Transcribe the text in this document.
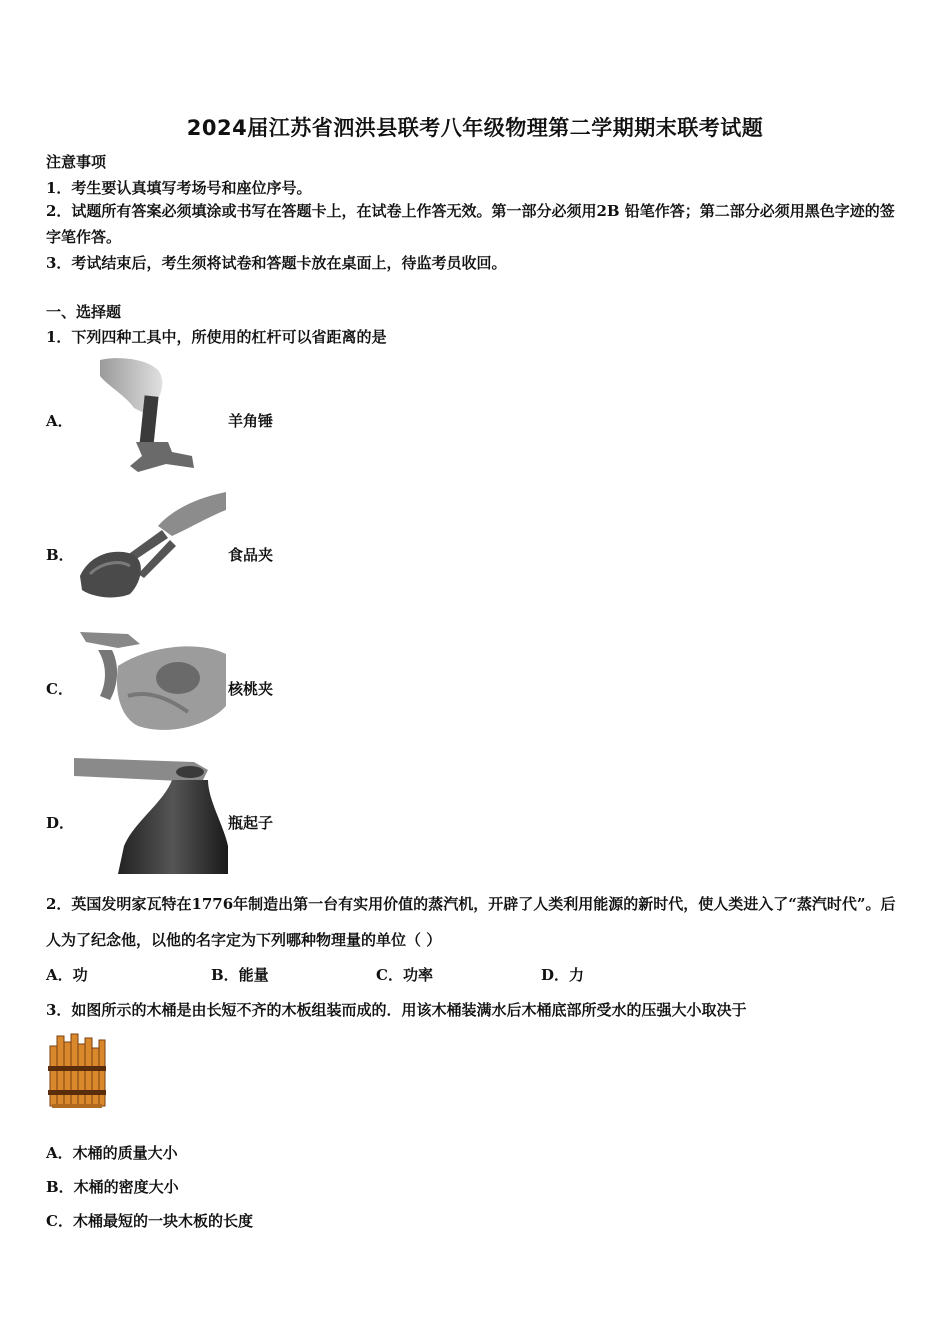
2024届江苏省泗洪县联考八年级物理第二学期期末联考试题
注意事项
1．考生要认真填写考场号和座位序号。
2．试题所有答案必须填涂或书写在答题卡上，在试卷上作答无效。第一部分必须用2B 铅笔作答；第二部分必须用黑色字迹的签字笔作答。
3．考试结束后，考生须将试卷和答题卡放在桌面上，待监考员收回。
一、选择题
1．下列四种工具中，所使用的杠杆可以省距离的是
A．	羊角锤
B．	食品夹
C．	核桃夹
D．	瓶起子
2．英国发明家瓦特在1776年制造出第一台有实用价值的蒸汽机，开辟了人类利用能源的新时代，使人类进入了“蒸汽时代”。后人为了纪念他，以他的名字定为下列哪种物理量的单位（ ）
A．功	B．能量	C．功率	D．力
3．如图所示的木桶是由长短不齐的木板组装而成的．用该木桶装满水后木桶底部所受水的压强大小取决于
A．木桶的质量大小
B．木桶的密度大小
C．木桶最短的一块木板的长度
